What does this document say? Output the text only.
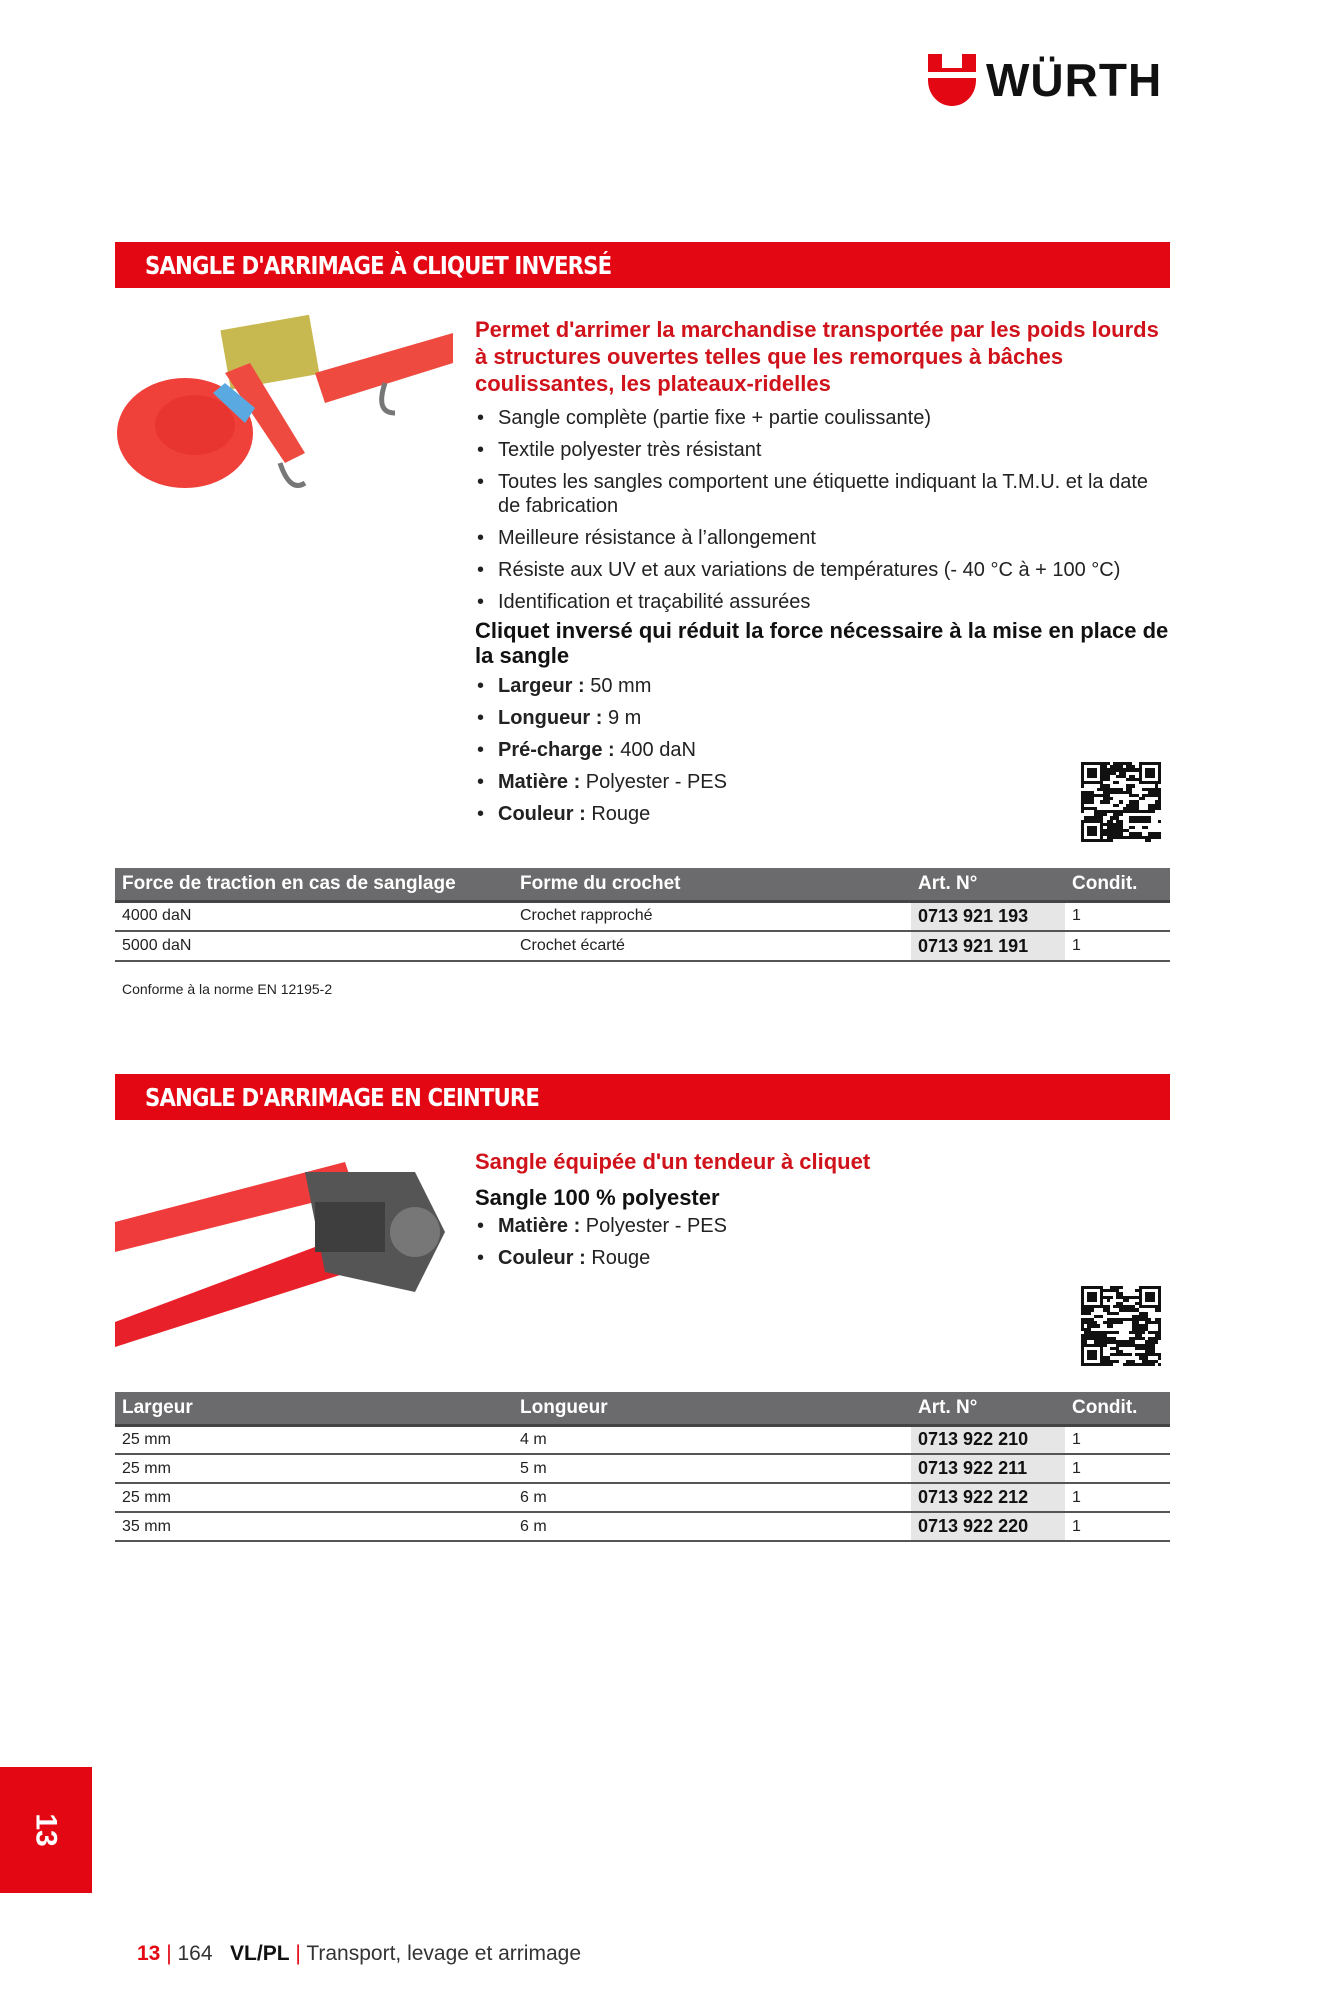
WÜRTH
SANGLE D'ARRIMAGE À CLIQUET INVERSÉ
Permet d'arrimer la marchandise transportée par les poids lourds à structures ouvertes telles que les remorques à bâches coulissantes, les plateaux-ridelles
• Sangle complète (partie fixe + partie coulissante)
• Textile polyester très résistant
• Toutes les sangles comportent une étiquette indiquant la T.M.U. et la date de fabrication
• Meilleure résistance à l’allongement
• Résiste aux UV et aux variations de températures (- 40 °C à + 100 °C)
• Identification et traçabilité assurées
Cliquet inversé qui réduit la force nécessaire à la mise en place de la sangle
• Largeur : 50 mm
• Longueur : 9 m
• Pré-charge : 400 daN
• Matière : Polyester - PES
• Couleur : Rouge
Force de traction en cas de sanglage	Forme du crochet	Art. N°	Condit.
4000 daN	Crochet rapproché	0713 921 193	1
5000 daN	Crochet écarté	0713 921 191	1
Conforme à la norme EN 12195-2
SANGLE D'ARRIMAGE EN CEINTURE
Sangle équipée d'un tendeur à cliquet
Sangle 100 % polyester
• Matière : Polyester - PES
• Couleur : Rouge
Largeur	Longueur	Art. N°	Condit.
25 mm	4 m	0713 922 210	1
25 mm	5 m	0713 922 211	1
25 mm	6 m	0713 922 212	1
35 mm	6 m	0713 922 220	1
13
13 | 164 VL/PL | Transport, levage et arrimage
